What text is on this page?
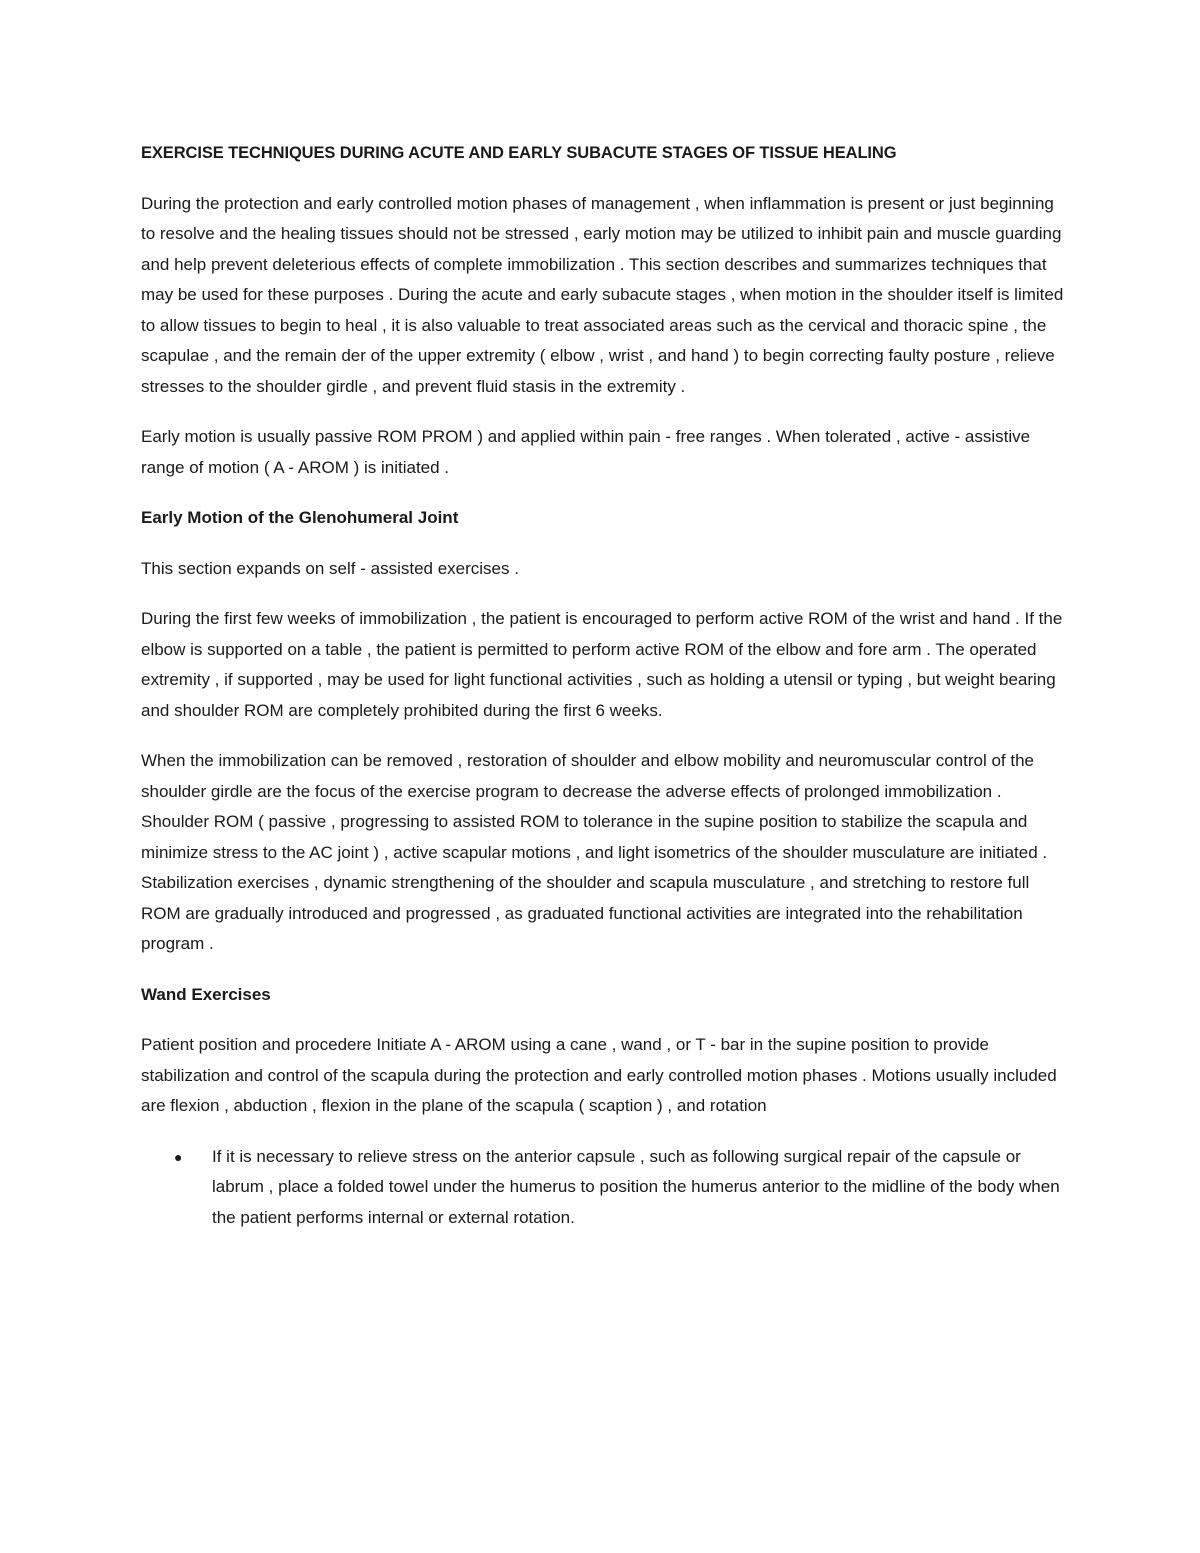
EXERCISE TECHNIQUES DURING ACUTE AND EARLY SUBACUTE STAGES OF TISSUE HEALING

During the protection and early controlled motion phases of management , when inflammation is present or just beginning to resolve and the healing tissues should not be stressed , early motion may be utilized to inhibit pain and muscle guarding and help prevent deleterious effects of complete immobilization . This section describes and summarizes techniques that may be used for these purposes . During the acute and early subacute stages , when motion in the shoulder itself is limited to allow tissues to begin to heal , it is also valuable to treat associated areas such as the cervical and thoracic spine , the scapulae , and the remain der of the upper extremity ( elbow , wrist , and hand ) to begin correcting faulty posture , relieve stresses to the shoulder girdle , and prevent fluid stasis in the extremity .

Early motion is usually passive ROM PROM ) and applied within pain - free ranges . When tolerated , active - assistive range of motion ( A - AROM ) is initiated .

Early Motion of the Glenohumeral Joint

This section expands on self - assisted exercises .

During the first few weeks of immobilization , the patient is encouraged to perform active ROM of the wrist and hand . If the elbow is supported on a table , the patient is permitted to perform active ROM of the elbow and fore arm . The operated extremity , if supported , may be used for light functional activities , such as holding a utensil or typing , but weight bearing and shoulder ROM are completely prohibited during the first 6 weeks.

When the immobilization can be removed , restoration of shoulder and elbow mobility and neuromuscular control of the shoulder girdle are the focus of the exercise program to decrease the adverse effects of prolonged immobilization . Shoulder ROM ( passive , progressing to assisted ROM to tolerance in the supine position to stabilize the scapula and minimize stress to the AC joint ) , active scapular motions , and light isometrics of the shoulder musculature are initiated . Stabilization exercises , dynamic strengthening of the shoulder and scapula musculature , and stretching to restore full ROM are gradually introduced and progressed , as graduated functional activities are integrated into the rehabilitation program .

Wand Exercises

Patient position and procedere Initiate A - AROM using a cane , wand , or T - bar in the supine position to provide stabilization and control of the scapula during the protection and early controlled motion phases . Motions usually included are flexion , abduction , flexion in the plane of the scapula ( scaption ) , and rotation

● If it is necessary to relieve stress on the anterior capsule , such as following surgical repair of the capsule or labrum , place a folded towel under the humerus to position the humerus anterior to the midline of the body when the patient performs internal or external rotation.
